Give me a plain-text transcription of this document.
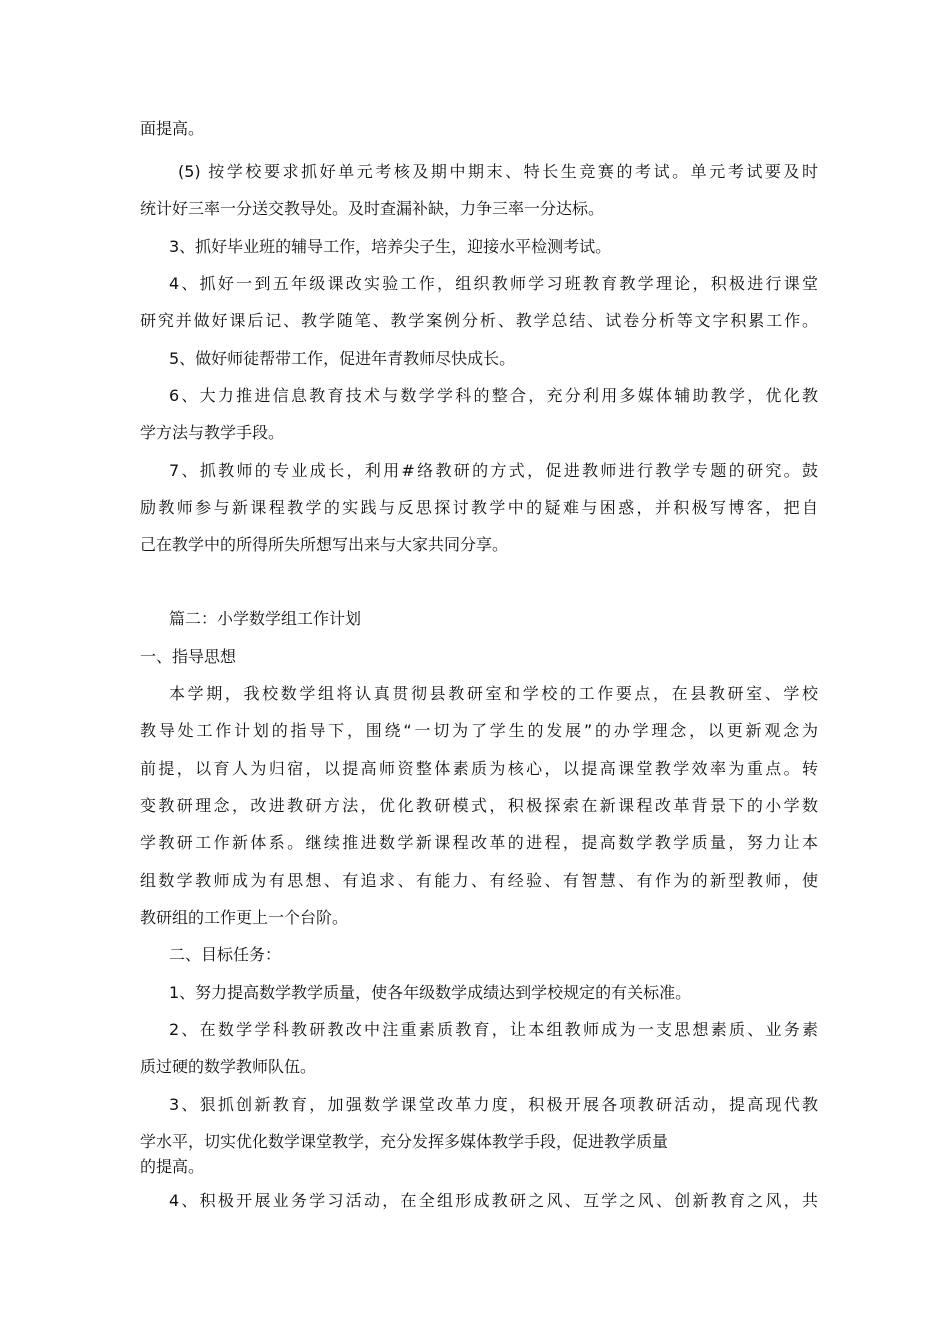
面提高。
(5) 按学校要求抓好单元考核及期中期末、特长生竞赛的考试。单元考试要及时
统计好三率一分送交教导处。及时查漏补缺，力争三率一分达标。
3、抓好毕业班的辅导工作，培养尖子生，迎接水平检测考试。
4、抓好一到五年级课改实验工作，组织教师学习班教育教学理论，积极进行课堂
研究并做好课后记、教学随笔、教学案例分析、教学总结、试卷分析等文字积累工作。
5、做好师徒帮带工作，促进年青教师尽快成长。
6、大力推进信息教育技术与数学学科的整合，充分利用多媒体辅助教学，优化教
学方法与教学手段。
7、抓教师的专业成长，利用#络教研的方式，促进教师进行教学专题的研究。鼓
励教师参与新课程教学的实践与反思探讨教学中的疑难与困惑，并积极写博客，把自
己在教学中的所得所失所想写出来与大家共同分享。
篇二：小学数学组工作计划
一、指导思想
本学期，我校数学组将认真贯彻县教研室和学校的工作要点，在县教研室、学校
教导处工作计划的指导下，围绕“一切为了学生的发展”的办学理念，以更新观念为
前提，以育人为归宿，以提高师资整体素质为核心，以提高课堂教学效率为重点。转
变教研理念，改进教研方法，优化教研模式，积极探索在新课程改革背景下的小学数
学教研工作新体系。继续推进数学新课程改革的进程，提高数学教学质量，努力让本
组数学教师成为有思想、有追求、有能力、有经验、有智慧、有作为的新型教师，使
教研组的工作更上一个台阶。
二、目标任务：
1、努力提高数学教学质量，使各年级数学成绩达到学校规定的有关标准。
2、在数学学科教研教改中注重素质教育，让本组教师成为一支思想素质、业务素
质过硬的数学教师队伍。
3、狠抓创新教育，加强数学课堂改革力度，积极开展各项教研活动，提高现代教
学水平，切实优化数学课堂教学，充分发挥多媒体教学手段，促进教学质量
的提高。
4、积极开展业务学习活动，在全组形成教研之风、互学之风、创新教育之风，共
